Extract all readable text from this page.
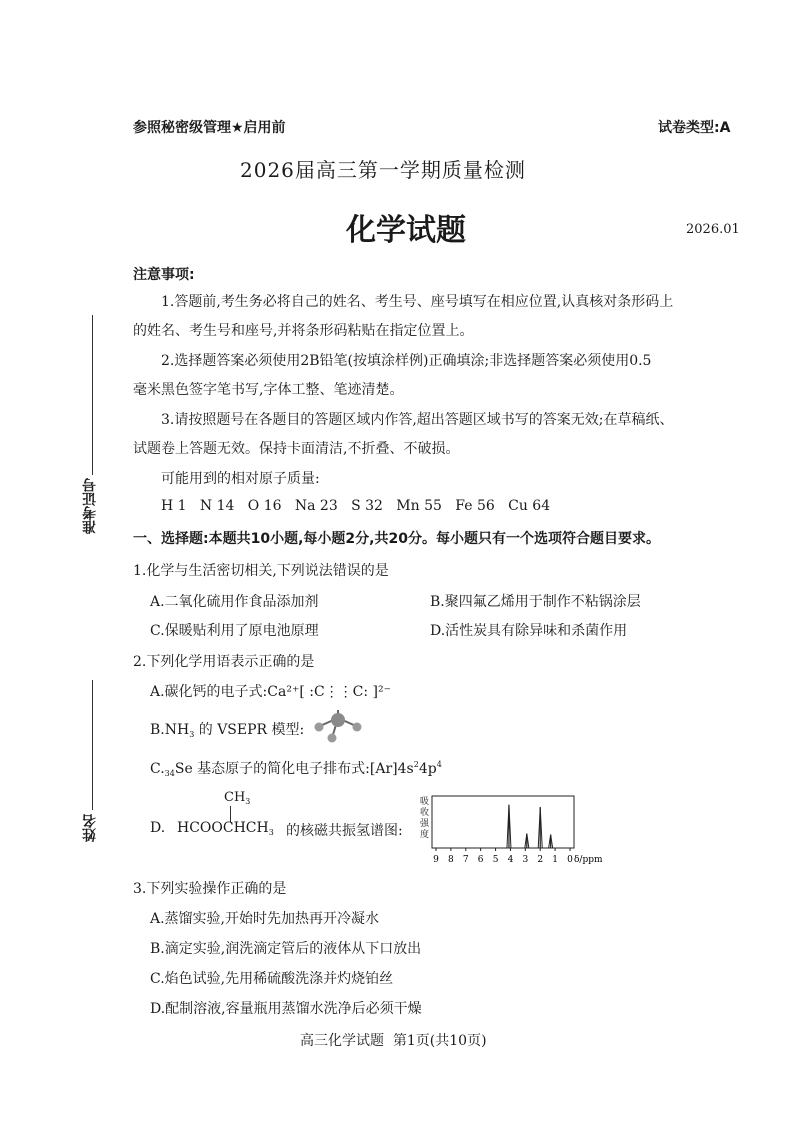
参照秘密级管理★启用前	试卷类型:A
2026届高三第一学期质量检测
化学试题	2026.01
准考证号
姓名
注意事项:
1.答题前,考生务必将自己的姓名、考生号、座号填写在相应位置,认真核对条形码上
的姓名、考生号和座号,并将条形码粘贴在指定位置上。
2.选择题答案必须使用2B铅笔(按填涂样例)正确填涂;非选择题答案必须使用0.5
毫米黑色签字笔书写,字体工整、笔迹清楚。
3.请按照题号在各题目的答题区域内作答,超出答题区域书写的答案无效;在草稿纸、
试题卷上答题无效。保持卡面清洁,不折叠、不破损。
可能用到的相对原子质量:
H 1   N 14   O 16   Na 23   S 32   Mn 55   Fe 56   Cu 64
一、选择题:本题共10小题,每小题2分,共20分。每小题只有一个选项符合题目要求。
1.化学与生活密切相关,下列说法错误的是
A.二氧化硫用作食品添加剂	B.聚四氟乙烯用于制作不粘锅涂层
C.保暖贴利用了原电池原理	D.活性炭具有除异味和杀菌作用
2.下列化学用语表示正确的是
A.碳化钙的电子式:Ca²⁺[ :C⋮⋮C: ]²⁻
$B.NH_3$ 的 VSEPR 模型:
$C._{34}Se$ 基态原子的简化电子排布式$:[Ar]4s^24p^4$
$CH_3$
D. $HCOOCHCH_3$ 的核磁共振氢谱图:
吸
收
强
度
9 8 7 6 5 4 3 2 1 0 δ/ppm
3.下列实验操作正确的是
A.蒸馏实验,开始时先加热再开冷凝水
B.滴定实验,润洗滴定管后的液体从下口放出
C.焰色试验,先用稀硫酸洗涤并灼烧铂丝
D.配制溶液,容量瓶用蒸馏水洗净后必须干燥
高三化学试题  第1页(共10页)
